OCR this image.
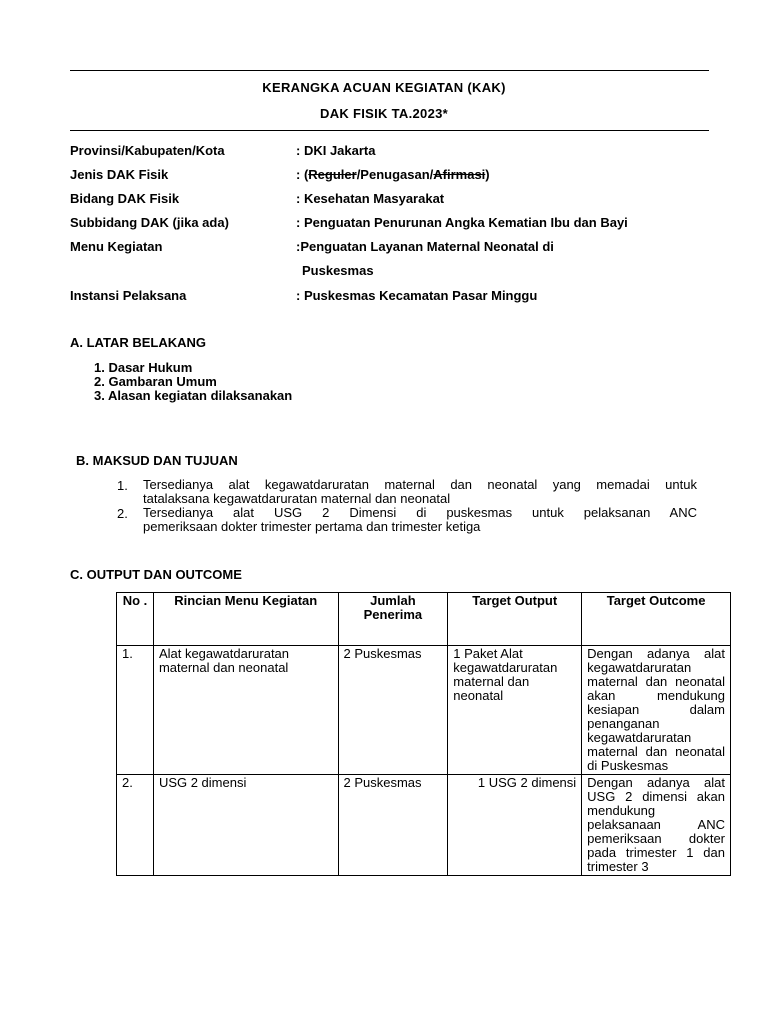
KERANGKA ACUAN KEGIATAN (KAK)
DAK FISIK TA.2023*
Provinsi/Kabupaten/Kota	: DKI Jakarta
Jenis DAK Fisik	: (Reguler/Penugasan/Afirmasi)
Bidang DAK Fisik	: Kesehatan Masyarakat
Subbidang DAK (jika ada)	: Penguatan Penurunan Angka Kematian Ibu dan Bayi
Menu Kegiatan	:Penguatan Layanan Maternal Neonatal di
Puskesmas
Instansi Pelaksana	: Puskesmas Kecamatan Pasar Minggu
A. LATAR BELAKANG
1. Dasar Hukum
2. Gambaran Umum
3. Alasan kegiatan dilaksanakan
B. MAKSUD DAN TUJUAN
1. Tersedianya alat kegawatdaruratan maternal dan neonatal yang memadai untuk
tatalaksana kegawatdaruratan maternal dan neonatal
2. Tersedianya alat USG 2 Dimensi di puskesmas untuk pelaksanan ANC
pemeriksaan dokter trimester pertama dan trimester ketiga
C. OUTPUT DAN OUTCOME
No .	Rincian Menu Kegiatan	Jumlah Penerima	Target Output	Target Outcome
1.	Alat kegawatdaruratan maternal dan neonatal	2 Puskesmas	1 Paket Alat kegawatdaruratan maternal dan neonatal	Dengan adanya alat kegawatdaruratan maternal dan neonatal akan mendukung kesiapan dalam penanganan kegawatdaruratan maternal dan neonatal di Puskesmas
2.	USG 2 dimensi	2 Puskesmas	1 USG 2 dimensi	Dengan adanya alat USG 2 dimensi akan mendukung pelaksanaan ANC pemeriksaan dokter pada trimester 1 dan trimester 3
